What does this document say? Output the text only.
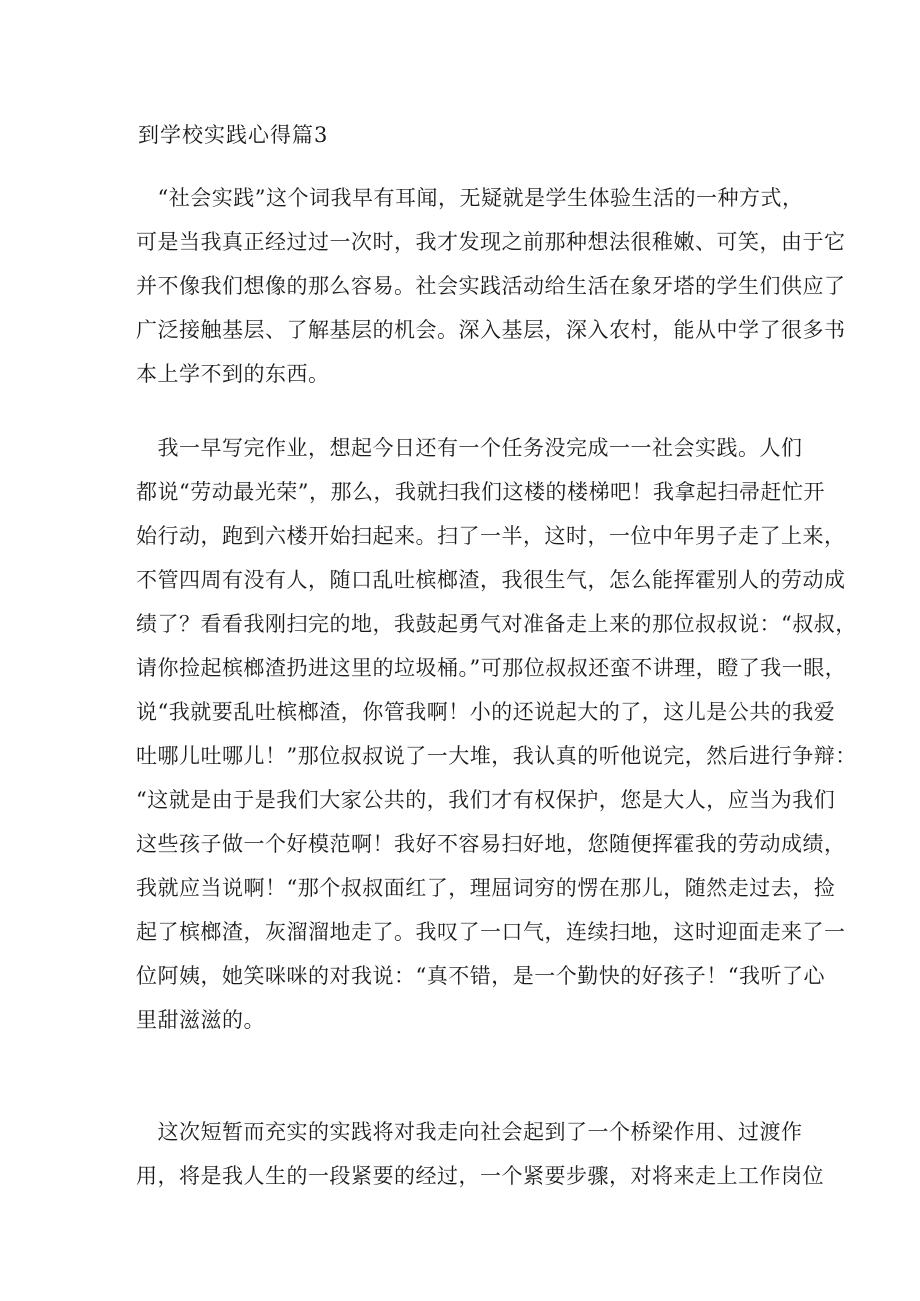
到学校实践心得篇3
　“社会实践”这个词我早有耳闻，无疑就是学生体验生活的一种方式，
可是当我真正经过过一次时，我才发现之前那种想法很稚嫩、可笑，由于它
并不像我们想像的那么容易。社会实践活动给生活在象牙塔的学生们供应了
广泛接触基层、了解基层的机会。深入基层，深入农村，能从中学了很多书
本上学不到的东西。
　我一早写完作业，想起今日还有一个任务没完成一一社会实践。人们
都说“劳动最光荣”，那么，我就扫我们这楼的楼梯吧！我拿起扫帚赶忙开
始行动，跑到六楼开始扫起来。扫了一半，这时，一位中年男子走了上来，
不管四周有没有人，随口乱吐槟榔渣，我很生气，怎么能挥霍别人的劳动成
绩了？看看我刚扫完的地，我鼓起勇气对准备走上来的那位叔叔说：“叔叔，
请你捡起槟榔渣扔进这里的垃圾桶。”可那位叔叔还蛮不讲理，瞪了我一眼，
说“我就要乱吐槟榔渣，你管我啊！小的还说起大的了，这儿是公共的我爱
吐哪儿吐哪儿！”那位叔叔说了一大堆，我认真的听他说完，然后进行争辩：
“这就是由于是我们大家公共的，我们才有权保护，您是大人，应当为我们
这些孩子做一个好模范啊！我好不容易扫好地，您随便挥霍我的劳动成绩，
我就应当说啊！“那个叔叔面红了，理屈词穷的愣在那儿，随然走过去，捡
起了槟榔渣，灰溜溜地走了。我叹了一口气，连续扫地，这时迎面走来了一
位阿姨，她笑咪咪的对我说：“真不错，是一个勤快的好孩子！“我听了心
里甜滋滋的。
　这次短暂而充实的实践将对我走向社会起到了一个桥梁作用、过渡作
用，将是我人生的一段紧要的经过，一个紧要步骤，对将来走上工作岗位
